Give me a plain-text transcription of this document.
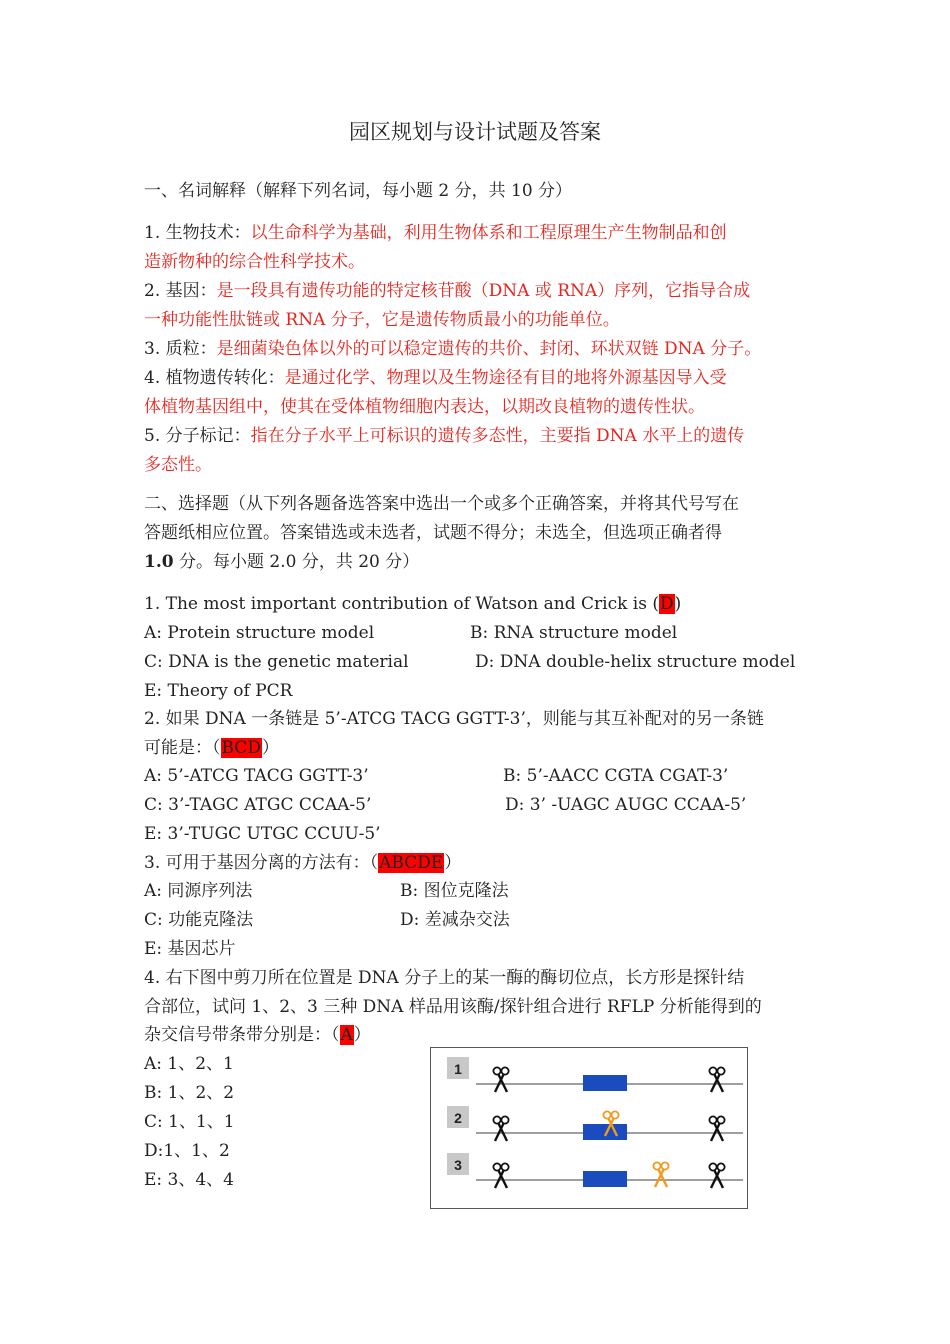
园区规划与设计试题及答案
一、名词解释（解释下列名词，每小题 2 分，共 10 分）
1. 生物技术：以生命科学为基础，利用生物体系和工程原理生产生物制品和创
造新物种的综合性科学技术。
2. 基因：是一段具有遗传功能的特定核苷酸（DNA 或 RNA）序列，它指导合成
一种功能性肽链或 RNA 分子，它是遗传物质最小的功能单位。
3. 质粒：是细菌染色体以外的可以稳定遗传的共价、封闭、环状双链 DNA 分子。
4. 植物遗传转化：是通过化学、物理以及生物途径有目的地将外源基因导入受
体植物基因组中，使其在受体植物细胞内表达，以期改良植物的遗传性状。
5. 分子标记：指在分子水平上可标识的遗传多态性，主要指 DNA 水平上的遗传
多态性。
二、选择题（从下列各题备选答案中选出一个或多个正确答案，并将其代号写在
答题纸相应位置。答案错选或未选者，试题不得分；未选全，但选项正确者得
1.0 分。每小题 2.0 分，共 20 分）
1. The most important contribution of Watson and Crick is (D)
A: Protein structure model	B: RNA structure model
C: DNA is the genetic material	D: DNA double-helix structure model
E: Theory of PCR
2. 如果 DNA 一条链是 5’-ATCG TACG GGTT-3’，则能与其互补配对的另一条链
可能是：（BCD）
A: 5’-ATCG TACG GGTT-3’	B: 5’-AACC CGTA CGAT-3’
C: 3’-TAGC ATGC CCAA-5’	D: 3’ -UAGC AUGC CCAA-5’
E: 3’-TUGC UTGC CCUU-5’
3. 可用于基因分离的方法有：（ABCDE）
A: 同源序列法	B: 图位克隆法
C: 功能克隆法	D: 差减杂交法
E: 基因芯片
4. 右下图中剪刀所在位置是 DNA 分子上的某一酶的酶切位点，长方形是探针结
合部位，试问 1、2、3 三种 DNA 样品用该酶/探针组合进行 RFLP 分析能得到的
杂交信号带条带分别是：（A）
A: 1、2、1
B: 1、2、2
C: 1、1、1
D:1、1、2
E: 3、4、4
1
2
3
